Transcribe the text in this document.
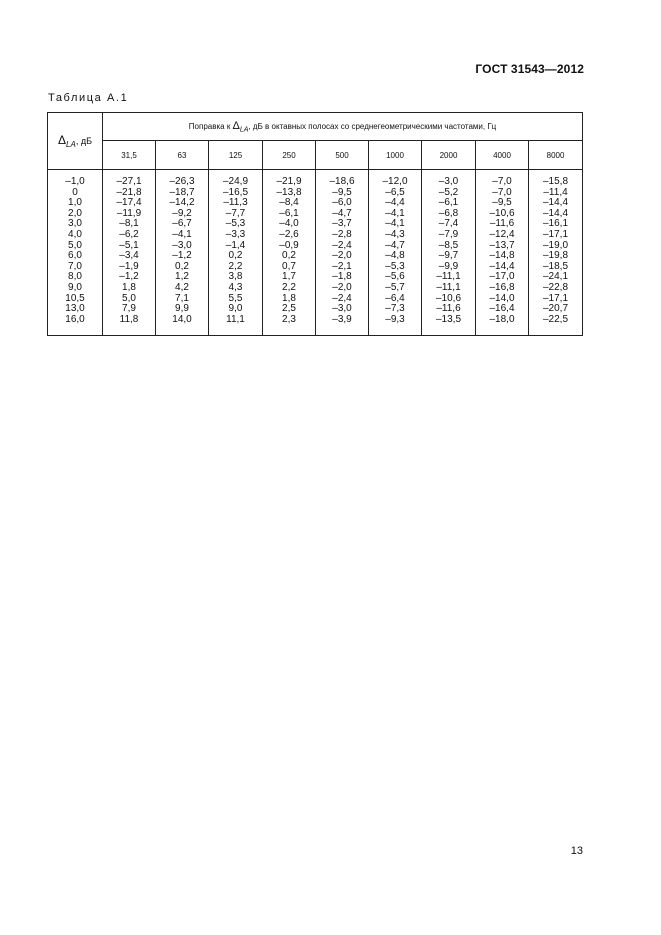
ГОСТ 31543—2012
Таблица А.1
$\Delta_{LA}$, дБ	Поправка к $\Delta_{LA}$, дБ в октавных полосах со среднегеометрическими частотами, Гц								
	31,5	63	125	250	500	1000	2000	4000	8000
–1,0	–27,1	–26,3	–24,9	–21,9	–18,6	–12,0	–3,0	–7,0	–15,8
0	–21,8	–18,7	–16,5	–13,8	–9,5	–6,5	–5,2	–7,0	–11,4
1,0	–17,4	–14,2	–11,3	–8,4	–6,0	–4,4	–6,1	–9,5	–14,4
2,0	–11,9	–9,2	–7,7	–6,1	–4,7	–4,1	–6,8	–10,6	–14,4
3,0	–8,1	–6,7	–5,3	–4,0	–3,7	–4,1	–7,4	–11,6	–16,1
4,0	–6,2	–4,1	–3,3	–2,6	–2,8	–4,3	–7,9	–12,4	–17,1
5,0	–5,1	–3,0	–1,4	–0,9	–2,4	–4,7	–8,5	–13,7	–19,0
6,0	–3,4	–1,2	0,2	0,2	–2,0	–4,8	–9,7	–14,8	–19,8
7,0	–1,9	0,2	2,2	0,7	–2,1	–5,3	–9,9	–14,4	–18,5
8,0	–1,2	1,2	3,8	1,7	–1,8	–5,6	–11,1	–17,0	–24,1
9,0	1,8	4,2	4,3	2,2	–2,0	–5,7	–11,1	–16,8	–22,8
10,5	5,0	7,1	5,5	1,8	–2,4	–6,4	–10,6	–14,0	–17,1
13,0	7,9	9,9	9,0	2,5	–3,0	–7,3	–11,6	–16,4	–20,7
16,0	11,8	14,0	11,1	2,3	–3,9	–9,3	–13,5	–18,0	–22,5
13
